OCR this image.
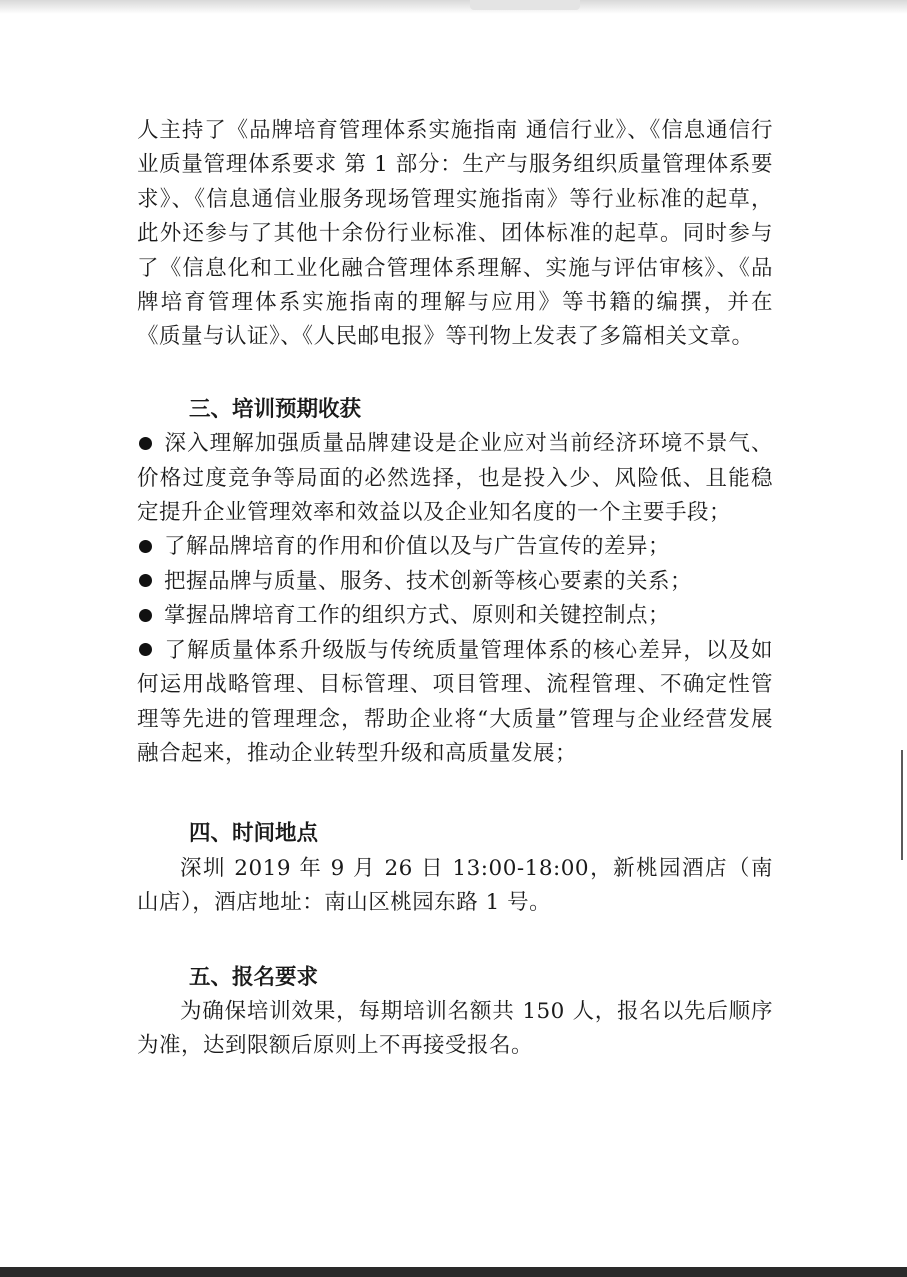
人主持了《品牌培育管理体系实施指南 通信行业》、《信息通信行业质量管理体系要求 第 1 部分：生产与服务组织质量管理体系要求》、《信息通信业服务现场管理实施指南》等行业标准的起草，此外还参与了其他十余份行业标准、团体标准的起草。同时参与了《信息化和工业化融合管理体系理解、实施与评估审核》、《品牌培育管理体系实施指南的理解与应用》等书籍的编撰，并在《质量与认证》、《人民邮电报》等刊物上发表了多篇相关文章。

三、培训预期收获

深入理解加强质量品牌建设是企业应对当前经济环境不景气、价格过度竞争等局面的必然选择，也是投入少、风险低、且能稳定提升企业管理效率和效益以及企业知名度的一个主要手段；

了解品牌培育的作用和价值以及与广告宣传的差异；

把握品牌与质量、服务、技术创新等核心要素的关系；

掌握品牌培育工作的组织方式、原则和关键控制点；

了解质量体系升级版与传统质量管理体系的核心差异，以及如何运用战略管理、目标管理、项目管理、流程管理、不确定性管理等先进的管理理念，帮助企业将“大质量”管理与企业经营发展融合起来，推动企业转型升级和高质量发展；

四、时间地点

深圳 2019 年 9 月 26 日 13:00-18:00，新桃园酒店（南山店），酒店地址：南山区桃园东路 1 号。

五、报名要求

为确保培训效果，每期培训名额共 150 人，报名以先后顺序为准，达到限额后原则上不再接受报名。
